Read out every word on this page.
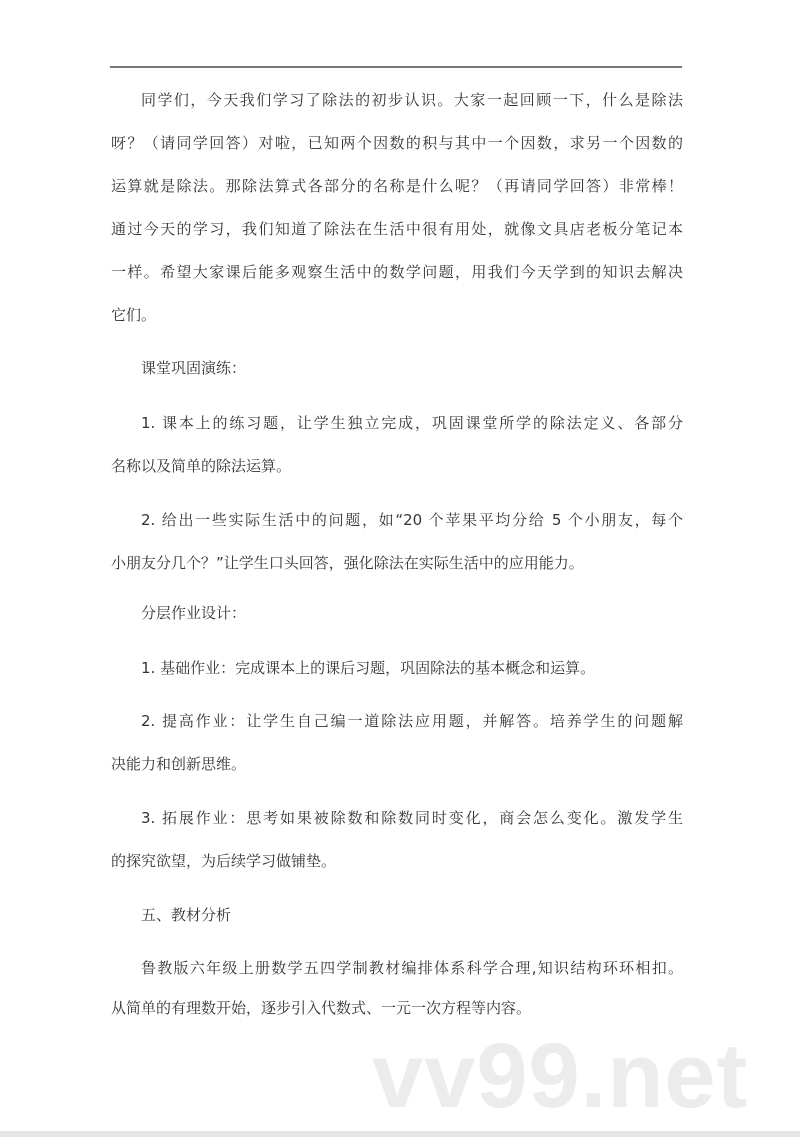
同学们，今天我们学习了除法的初步认识。大家一起回顾一下，什么是除法
呀？（请同学回答）对啦，已知两个因数的积与其中一个因数，求另一个因数的
运算就是除法。那除法算式各部分的名称是什么呢？（再请同学回答）非常棒！
通过今天的学习，我们知道了除法在生活中很有用处，就像文具店老板分笔记本
一样。希望大家课后能多观察生活中的数学问题，用我们今天学到的知识去解决
它们。
课堂巩固演练：
1. 课本上的练习题，让学生独立完成，巩固课堂所学的除法定义、各部分
名称以及简单的除法运算。
2. 给出一些实际生活中的问题，如“20 个苹果平均分给 5 个小朋友，每个
小朋友分几个？”让学生口头回答，强化除法在实际生活中的应用能力。
分层作业设计：
1. 基础作业：完成课本上的课后习题，巩固除法的基本概念和运算。
2. 提高作业：让学生自己编一道除法应用题，并解答。培养学生的问题解
决能力和创新思维。
3. 拓展作业：思考如果被除数和除数同时变化，商会怎么变化。激发学生
的探究欲望，为后续学习做铺垫。
五、教材分析
鲁教版六年级上册数学五四学制教材编排体系科学合理,知识结构环环相扣。
从简单的有理数开始，逐步引入代数式、一元一次方程等内容。
vv99.net
